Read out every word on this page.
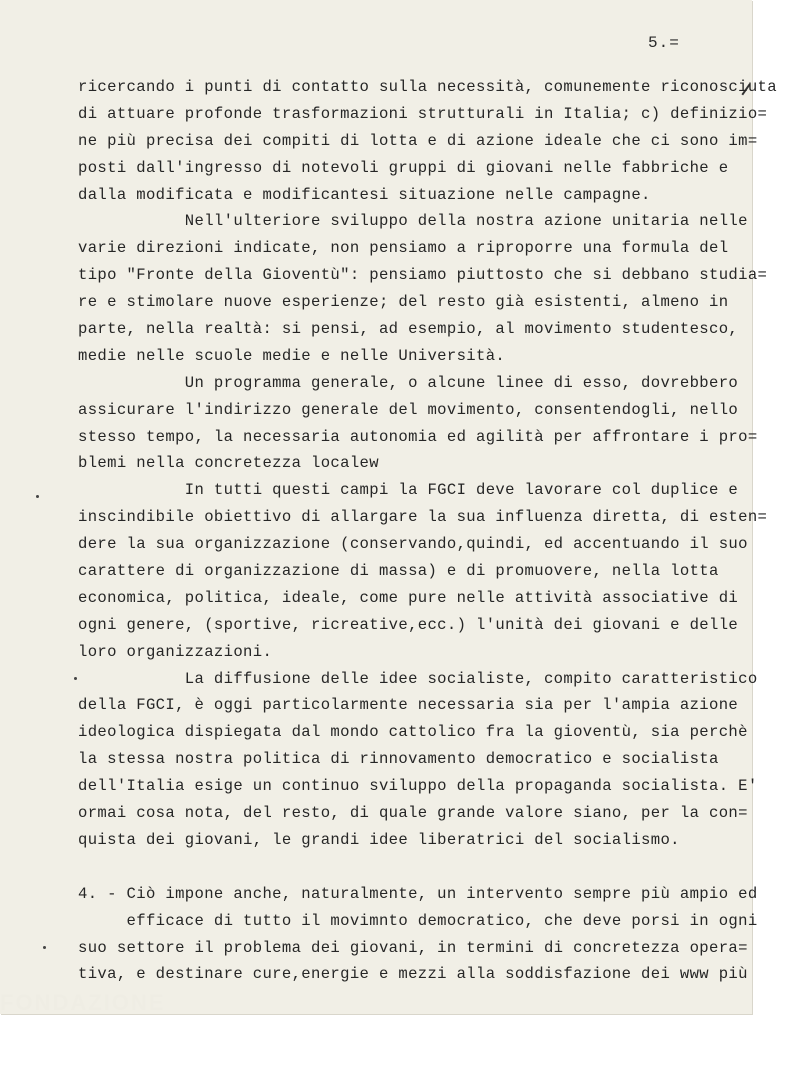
5.=
ricercando i punti di contatto sulla necessità, comunemente riconosciuta
di attuare profonde trasformazioni strutturali in Italia; c) definizio=
ne più precisa dei compiti di lotta e di azione ideale che ci sono im=
posti dall'ingresso di notevoli gruppi di giovani nelle fabbriche e
dalla modificata e modificantesi situazione nelle campagne.
Nell'ulteriore sviluppo della nostra azione unitaria nelle
varie direzioni indicate, non pensiamo a riproporre una formula del
tipo "Fronte della Gioventù": pensiamo piuttosto che si debbano studia=
re e stimolare nuove esperienze; del resto già esistenti, almeno in
parte, nella realtà: si pensi, ad esempio, al movimento studentesco,
medie nelle scuole medie e nelle Università.
Un programma generale, o alcune linee di esso, dovrebbero
assicurare l'indirizzo generale del movimento, consentendogli, nello
stesso tempo, la necessaria autonomia ed agilità per affrontare i pro=
blemi nella concretezza localew
In tutti questi campi la FGCI deve lavorare col duplice e
inscindibile obiettivo di allargare la sua influenza diretta, di esten=
dere la sua organizzazione (conservando,quindi, ed accentuando il suo
carattere di organizzazione di massa) e di promuovere, nella lotta
economica, politica, ideale, come pure nelle attività associative di
ogni genere, (sportive, ricreative,ecc.) l'unità dei giovani e delle
loro organizzazioni.
La diffusione delle idee socialiste, compito caratteristico
della FGCI, è oggi particolarmente necessaria sia per l'ampia azione
ideologica dispiegata dal mondo cattolico fra la gioventù, sia perchè
la stessa nostra politica di rinnovamento democratico e socialista
dell'Italia esige un continuo sviluppo della propaganda socialista. E'
ormai cosa nota, del resto, di quale grande valore siano, per la con=
quista dei giovani, le grandi idee liberatrici del socialismo.
4. - Ciò impone anche, naturalmente, un intervento sempre più ampio ed
efficace di tutto il movimnto democratico, che deve porsi in ogni
suo settore il problema dei giovani, in termini di concretezza opera=
tiva, e destinare cure,energie e mezzi alla soddisfazione dei www più
FONDAZIONE
